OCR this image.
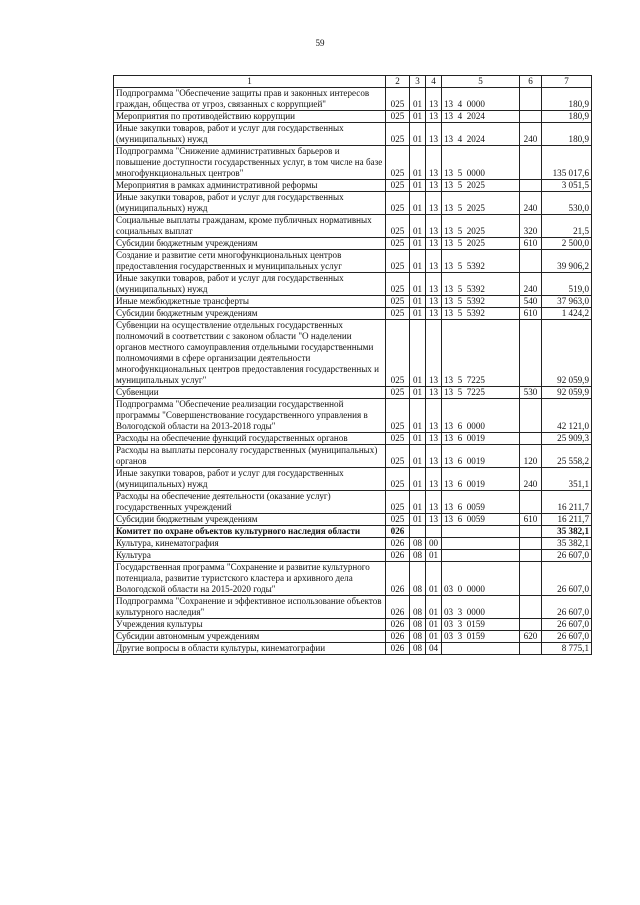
59
1	2	3	4	5	6	7
Подпрограмма "Обеспечение защиты прав и законных интересов граждан, общества от угроз, связанных с коррупцией"	025	01	13	13  4  0000		180,9
Мероприятия по противодействию коррупции	025	01	13	13  4  2024		180,9
Иные закупки товаров, работ и услуг для государственных (муниципальных) нужд	025	01	13	13  4  2024	240	180,9
Подпрограмма "Снижение административных барьеров и повышение доступности государственных услуг, в том числе на базе многофункциональных центров"	025	01	13	13  5  0000		135 017,6
Мероприятия в рамках административной реформы	025	01	13	13  5  2025		3 051,5
Иные закупки товаров, работ и услуг для государственных (муниципальных) нужд	025	01	13	13  5  2025	240	530,0
Социальные выплаты гражданам, кроме публичных нормативных социальных выплат	025	01	13	13  5  2025	320	21,5
Субсидии бюджетным учреждениям	025	01	13	13  5  2025	610	2 500,0
Создание и развитие сети многофункциональных центров предоставления государственных и муниципальных услуг	025	01	13	13  5  5392		39 906,2
Иные закупки товаров, работ и услуг для государственных (муниципальных) нужд	025	01	13	13  5  5392	240	519,0
Иные межбюджетные трансферты	025	01	13	13  5  5392	540	37 963,0
Субсидии бюджетным учреждениям	025	01	13	13  5  5392	610	1 424,2
Субвенции на осуществление отдельных государственных полномочий в соответствии с законом области "О наделении органов местного самоуправления отдельными государственными полномочиями в сфере организации деятельности многофункциональных центров предоставления государственных и муниципальных услуг"	025	01	13	13  5  7225		92 059,9
Субвенции	025	01	13	13  5  7225	530	92 059,9
Подпрограмма "Обеспечение реализации государственной программы "Совершенствование государственного управления в Вологодской области на 2013-2018 годы"	025	01	13	13  6  0000		42 121,0
Расходы на обеспечение функций государственных органов	025	01	13	13  6  0019		25 909,3
Расходы на выплаты персоналу государственных (муниципальных) органов	025	01	13	13  6  0019	120	25 558,2
Иные закупки товаров, работ и услуг для государственных (муниципальных) нужд	025	01	13	13  6  0019	240	351,1
Расходы на обеспечение деятельности (оказание услуг) государственных учреждений	025	01	13	13  6  0059		16 211,7
Субсидии бюджетным учреждениям	025	01	13	13  6  0059	610	16 211,7
Комитет по охране объектов культурного наследия области	026					35 382,1
Культура, кинематография	026	08	00			35 382,1
Культура	026	08	01			26 607,0
Государственная программа "Сохранение и развитие культурного потенциала, развитие туристского кластера и архивного дела Вологодской области на 2015-2020 годы"	026	08	01	03  0  0000		26 607,0
Подпрограмма "Сохранение и эффективное использование объектов культурного наследия"	026	08	01	03  3  0000		26 607,0
Учреждения культуры	026	08	01	03  3  0159		26 607,0
Субсидии автономным учреждениям	026	08	01	03  3  0159	620	26 607,0
Другие вопросы в области культуры, кинематографии	026	08	04			8 775,1
